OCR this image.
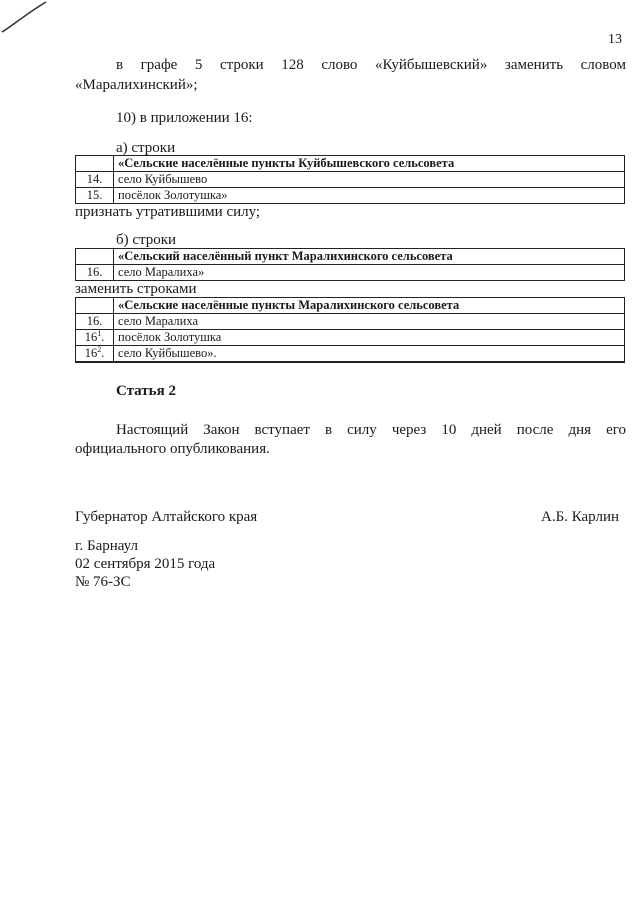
13
в графе 5 строки 128 слово «Куйбышевский» заменить словом
«Маралихинский»;
10) в приложении 16:
а) строки
	«Сельские населённые пункты Куйбышевского сельсовета
14.	село Куйбышево
15.	посёлок Золотушка»
признать утратившими силу;
б) строки
	«Сельский населённый пункт Маралихинского сельсовета
16.	село Маралиха»
заменить строками
	«Сельские населённые пункты Маралихинского сельсовета
16.	село Маралиха
$16^1$.	посёлок Золотушка
$16^2$.	село Куйбышево».
Статья 2
Настоящий Закон вступает в силу через 10 дней после дня его
официального опубликования.
Губернатор Алтайского края	А.Б. Карлин
г. Барнаул
02 сентября 2015 года
№ 76-ЗС
